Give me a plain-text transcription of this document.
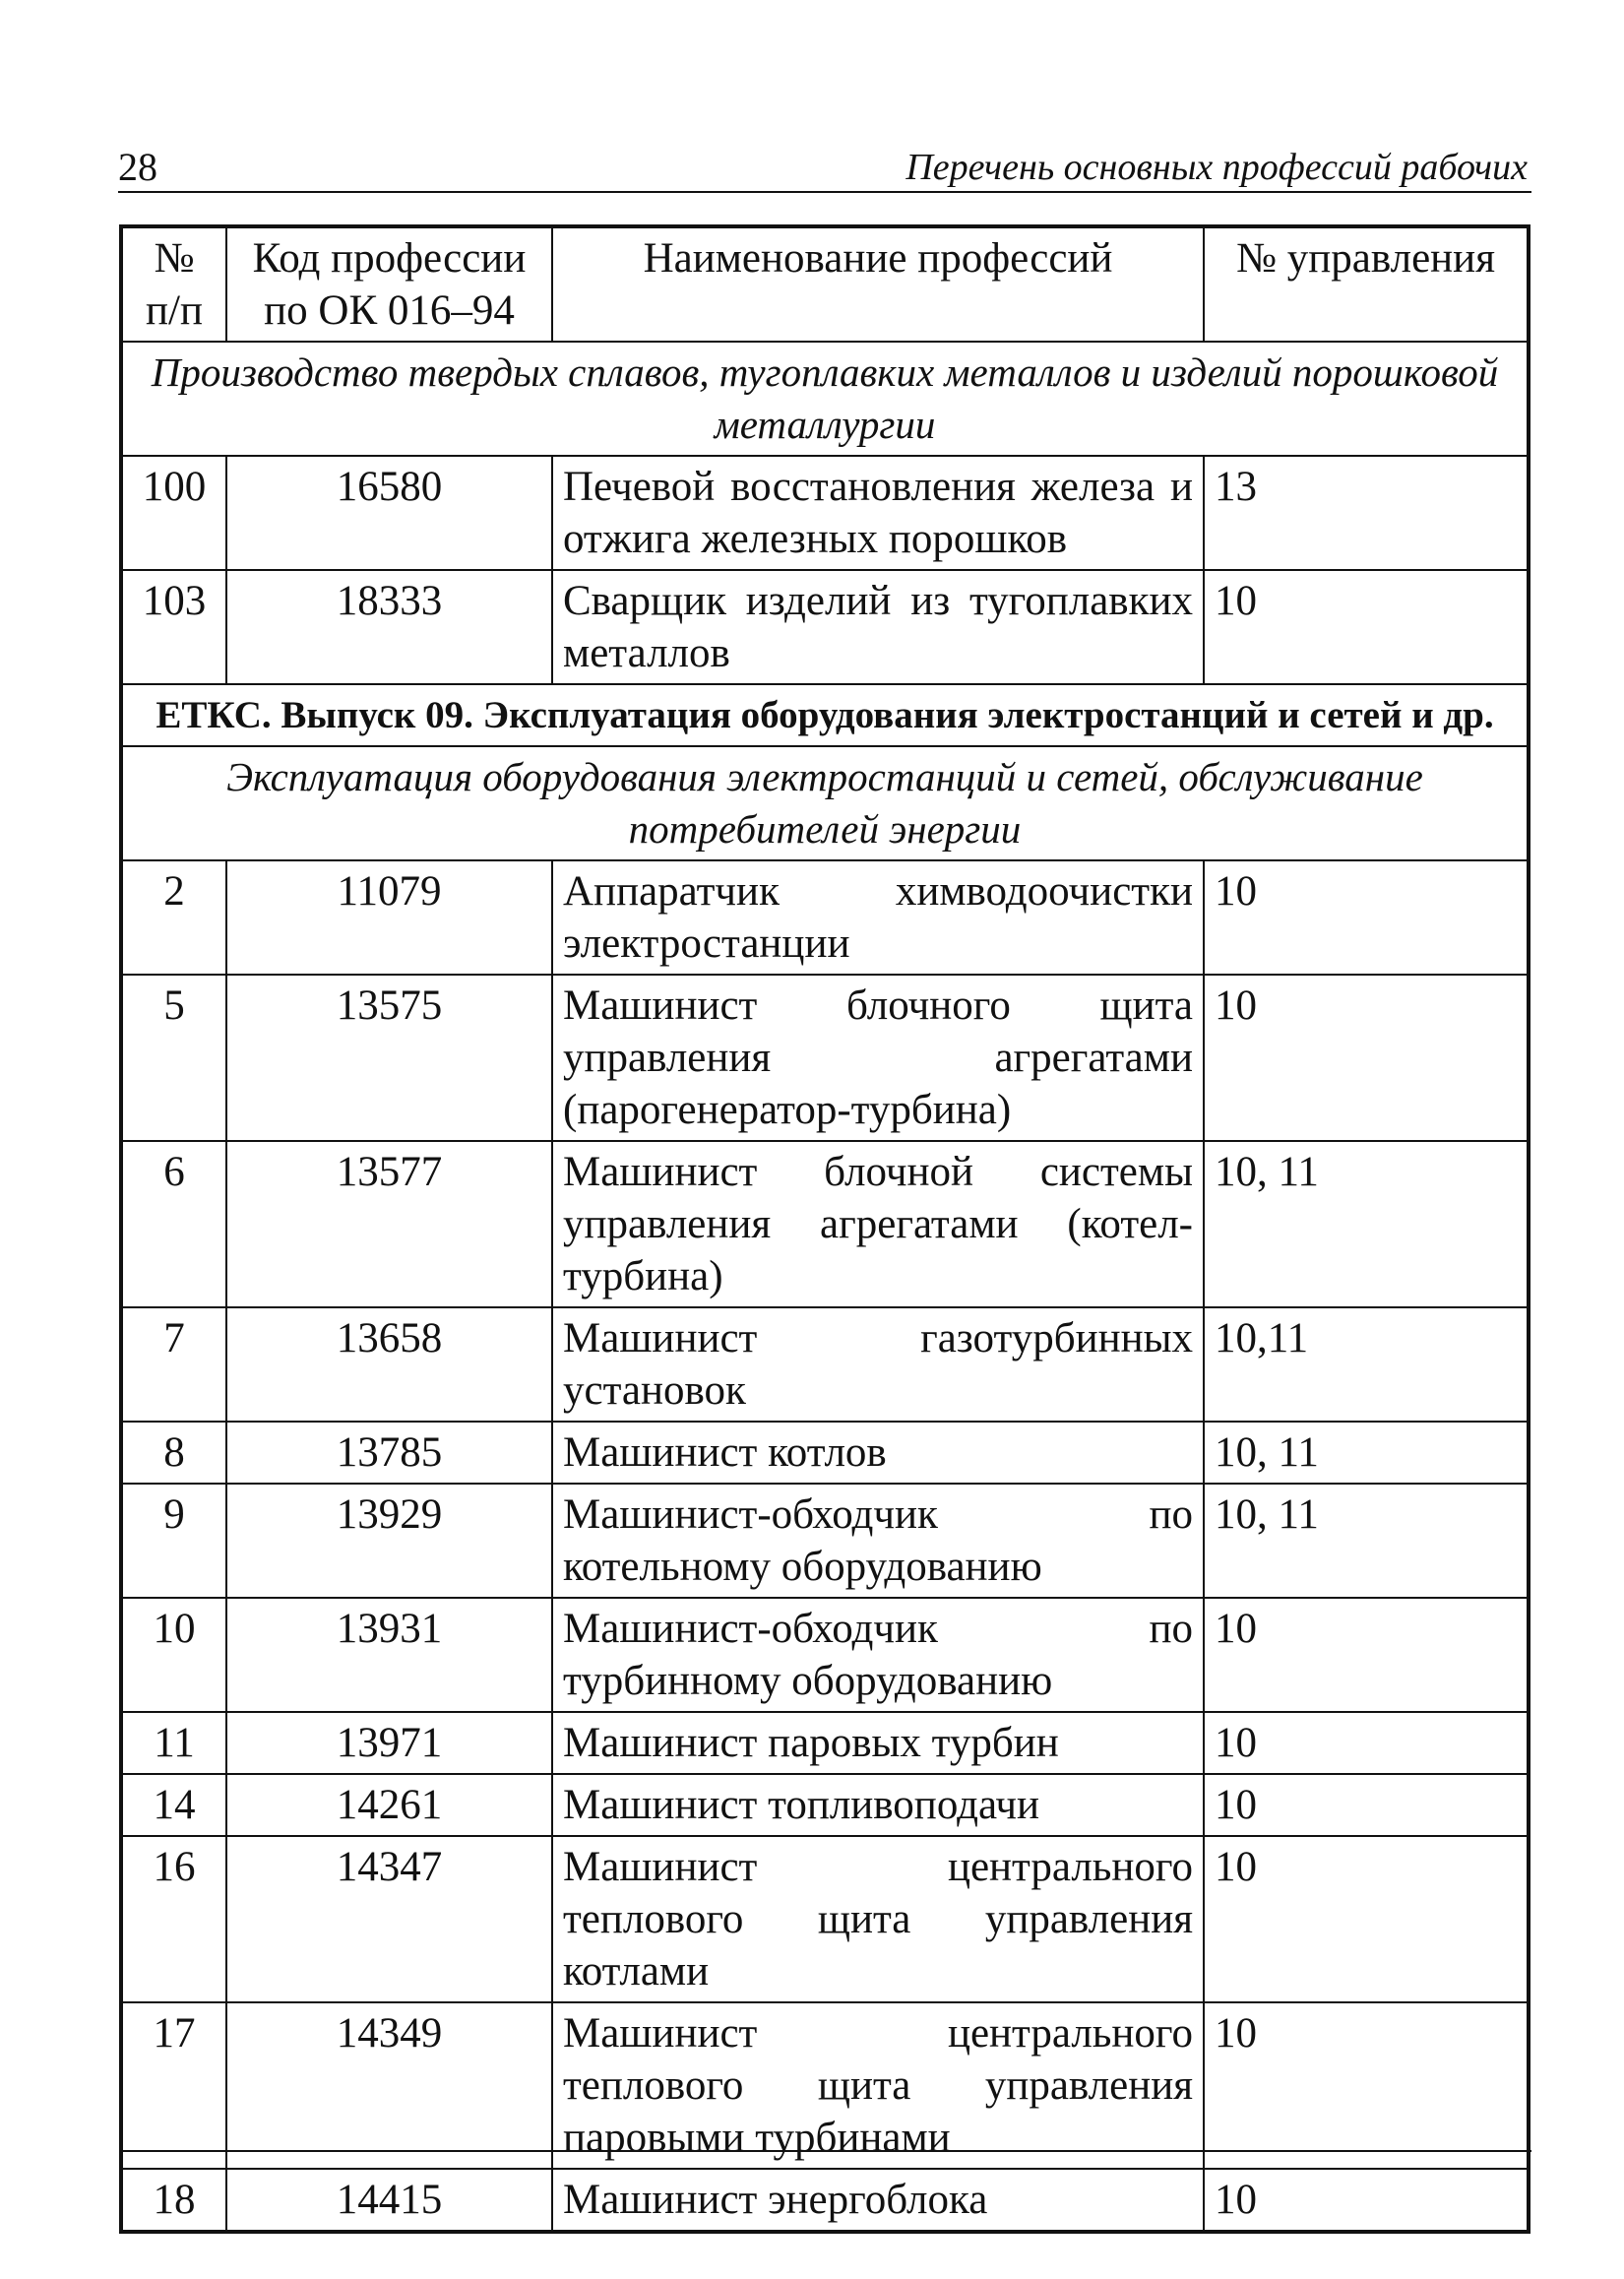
28	Перечень основных профессий рабочих
№ п/п	Код профессии по ОК 016–94	Наименование профессий	№ управления
Производство твердых сплавов, тугоплавких металлов и изделий порошковой металлургии			
100	16580	Печевой восстановления железа и отжига железных порошков	13
103	18333	Сварщик изделий из тугоплавких металлов	10
ЕТКС. Выпуск 09. Эксплуатация оборудования электростанций и сетей и др.			
Эксплуатация оборудования электростанций и сетей, обслуживание потребителей энергии			
2	11079	Аппаратчик химводоочистки электростанции	10
5	13575	Машинист блочного щита управления агрегатами (парогенератор-турбина)	10
6	13577	Машинист блочной системы управления агрегатами (котел-турбина)	10, 11
7	13658	Машинист газотурбинных установок	10,11
8	13785	Машинист котлов	10, 11
9	13929	Машинист-обходчик по котельному оборудованию	10, 11
10	13931	Машинист-обходчик по турбинному оборудованию	10
11	13971	Машинист паровых турбин	10
14	14261	Машинист топливоподачи	10
16	14347	Машинист центрального теплового щита управления котлами	10
17	14349	Машинист центрального теплового щита управления паровыми турбинами	10
18	14415	Машинист энергоблока	10
